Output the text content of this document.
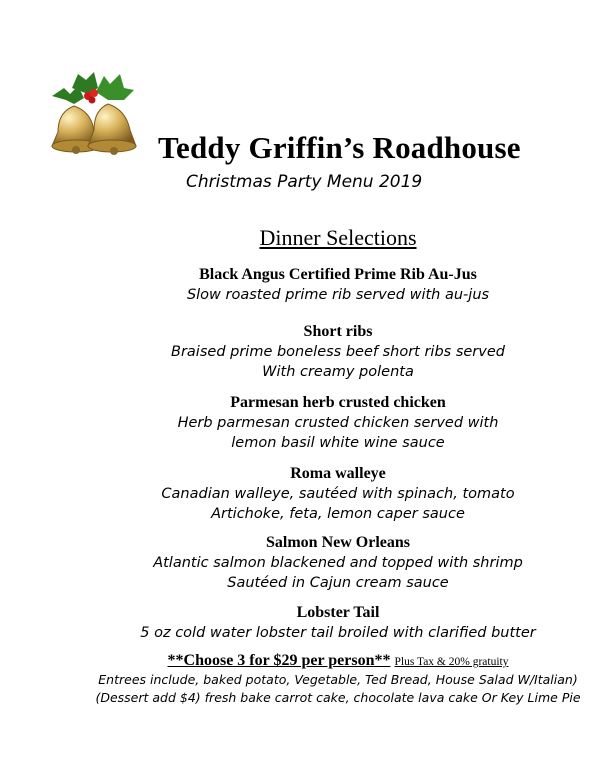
Teddy Griffin’s Roadhouse
Christmas Party Menu 2019
Dinner Selections
Black Angus Certified Prime Rib Au-Jus
Slow roasted prime rib served with au-jus
Short ribs
Braised prime boneless beef short ribs served
With creamy polenta
Parmesan herb crusted chicken
Herb parmesan crusted chicken served with
lemon basil white wine sauce
Roma walleye
Canadian walleye, sautéed with spinach, tomato
Artichoke, feta, lemon caper sauce
Salmon New Orleans
Atlantic salmon blackened and topped with shrimp
Sautéed in Cajun cream sauce
Lobster Tail
5 oz cold water lobster tail broiled with clarified butter
**Choose 3 for $29 per person** Plus Tax & 20% gratuity
Entrees include, baked potato, Vegetable, Ted Bread, House Salad W/Italian)
(Dessert add $4) fresh bake carrot cake, chocolate lava cake Or Key Lime Pie
